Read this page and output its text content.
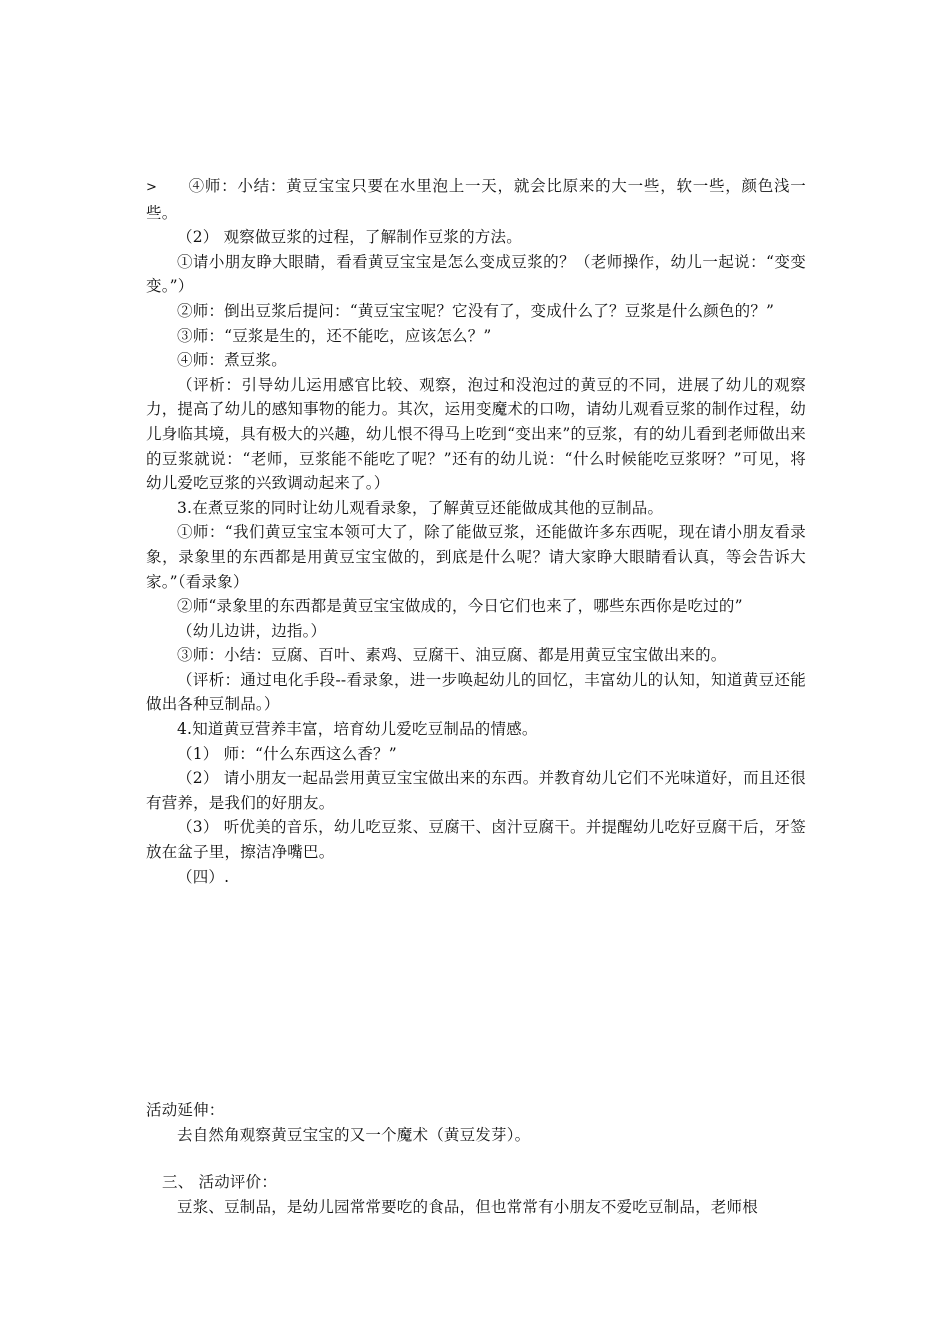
> ④师：小结：黄豆宝宝只要在水里泡上一天，就会比原来的大一些，软一些，颜色浅一些。

（2） 观察做豆浆的过程，了解制作豆浆的方法。

①请小朋友睁大眼睛，看看黄豆宝宝是怎么变成豆浆的？（老师操作，幼儿一起说：“变变变。”）

②师：倒出豆浆后提问：“黄豆宝宝呢？它没有了，变成什么了？豆浆是什么颜色的？”

③师：“豆浆是生的，还不能吃，应该怎么？”

④师：煮豆浆。

（评析：引导幼儿运用感官比较、观察，泡过和没泡过的黄豆的不同，进展了幼儿的观察力，提高了幼儿的感知事物的能力。其次，运用变魔术的口吻，请幼儿观看豆浆的制作过程，幼儿身临其境，具有极大的兴趣，幼儿恨不得马上吃到“变出来”的豆浆，有的幼儿看到老师做出来的豆浆就说：“老师，豆浆能不能吃了呢？”还有的幼儿说：“什么时候能吃豆浆呀？”可见，将幼儿爱吃豆浆的兴致调动起来了。）

3.在煮豆浆的同时让幼儿观看录象，了解黄豆还能做成其他的豆制品。

①师：“我们黄豆宝宝本领可大了，除了能做豆浆，还能做许多东西呢，现在请小朋友看录象，录象里的东西都是用黄豆宝宝做的，到底是什么呢？请大家睁大眼睛看认真，等会告诉大家。”（看录象）

②师“录象里的东西都是黄豆宝宝做成的，今日它们也来了，哪些东西你是吃过的”

（幼儿边讲，边指。）

③师：小结：豆腐、百叶、素鸡、豆腐干、油豆腐、都是用黄豆宝宝做出来的。

（评析：通过电化手段--看录象，进一步唤起幼儿的回忆，丰富幼儿的认知，知道黄豆还能做出各种豆制品。）

4.知道黄豆营养丰富，培育幼儿爱吃豆制品的情感。

（1） 师：“什么东西这么香？”

（2） 请小朋友一起品尝用黄豆宝宝做出来的东西。并教育幼儿它们不光味道好，而且还很有营养，是我们的好朋友。

（3） 听优美的音乐，幼儿吃豆浆、豆腐干、卤汁豆腐干。并提醒幼儿吃好豆腐干后，牙签放在盆子里，擦洁净嘴巴。

（四）.

活动延伸：

去自然角观察黄豆宝宝的又一个魔术（黄豆发芽）。

三、 活动评价：

豆浆、豆制品，是幼儿园常常要吃的食品，但也常常有小朋友不爱吃豆制品，老师根
